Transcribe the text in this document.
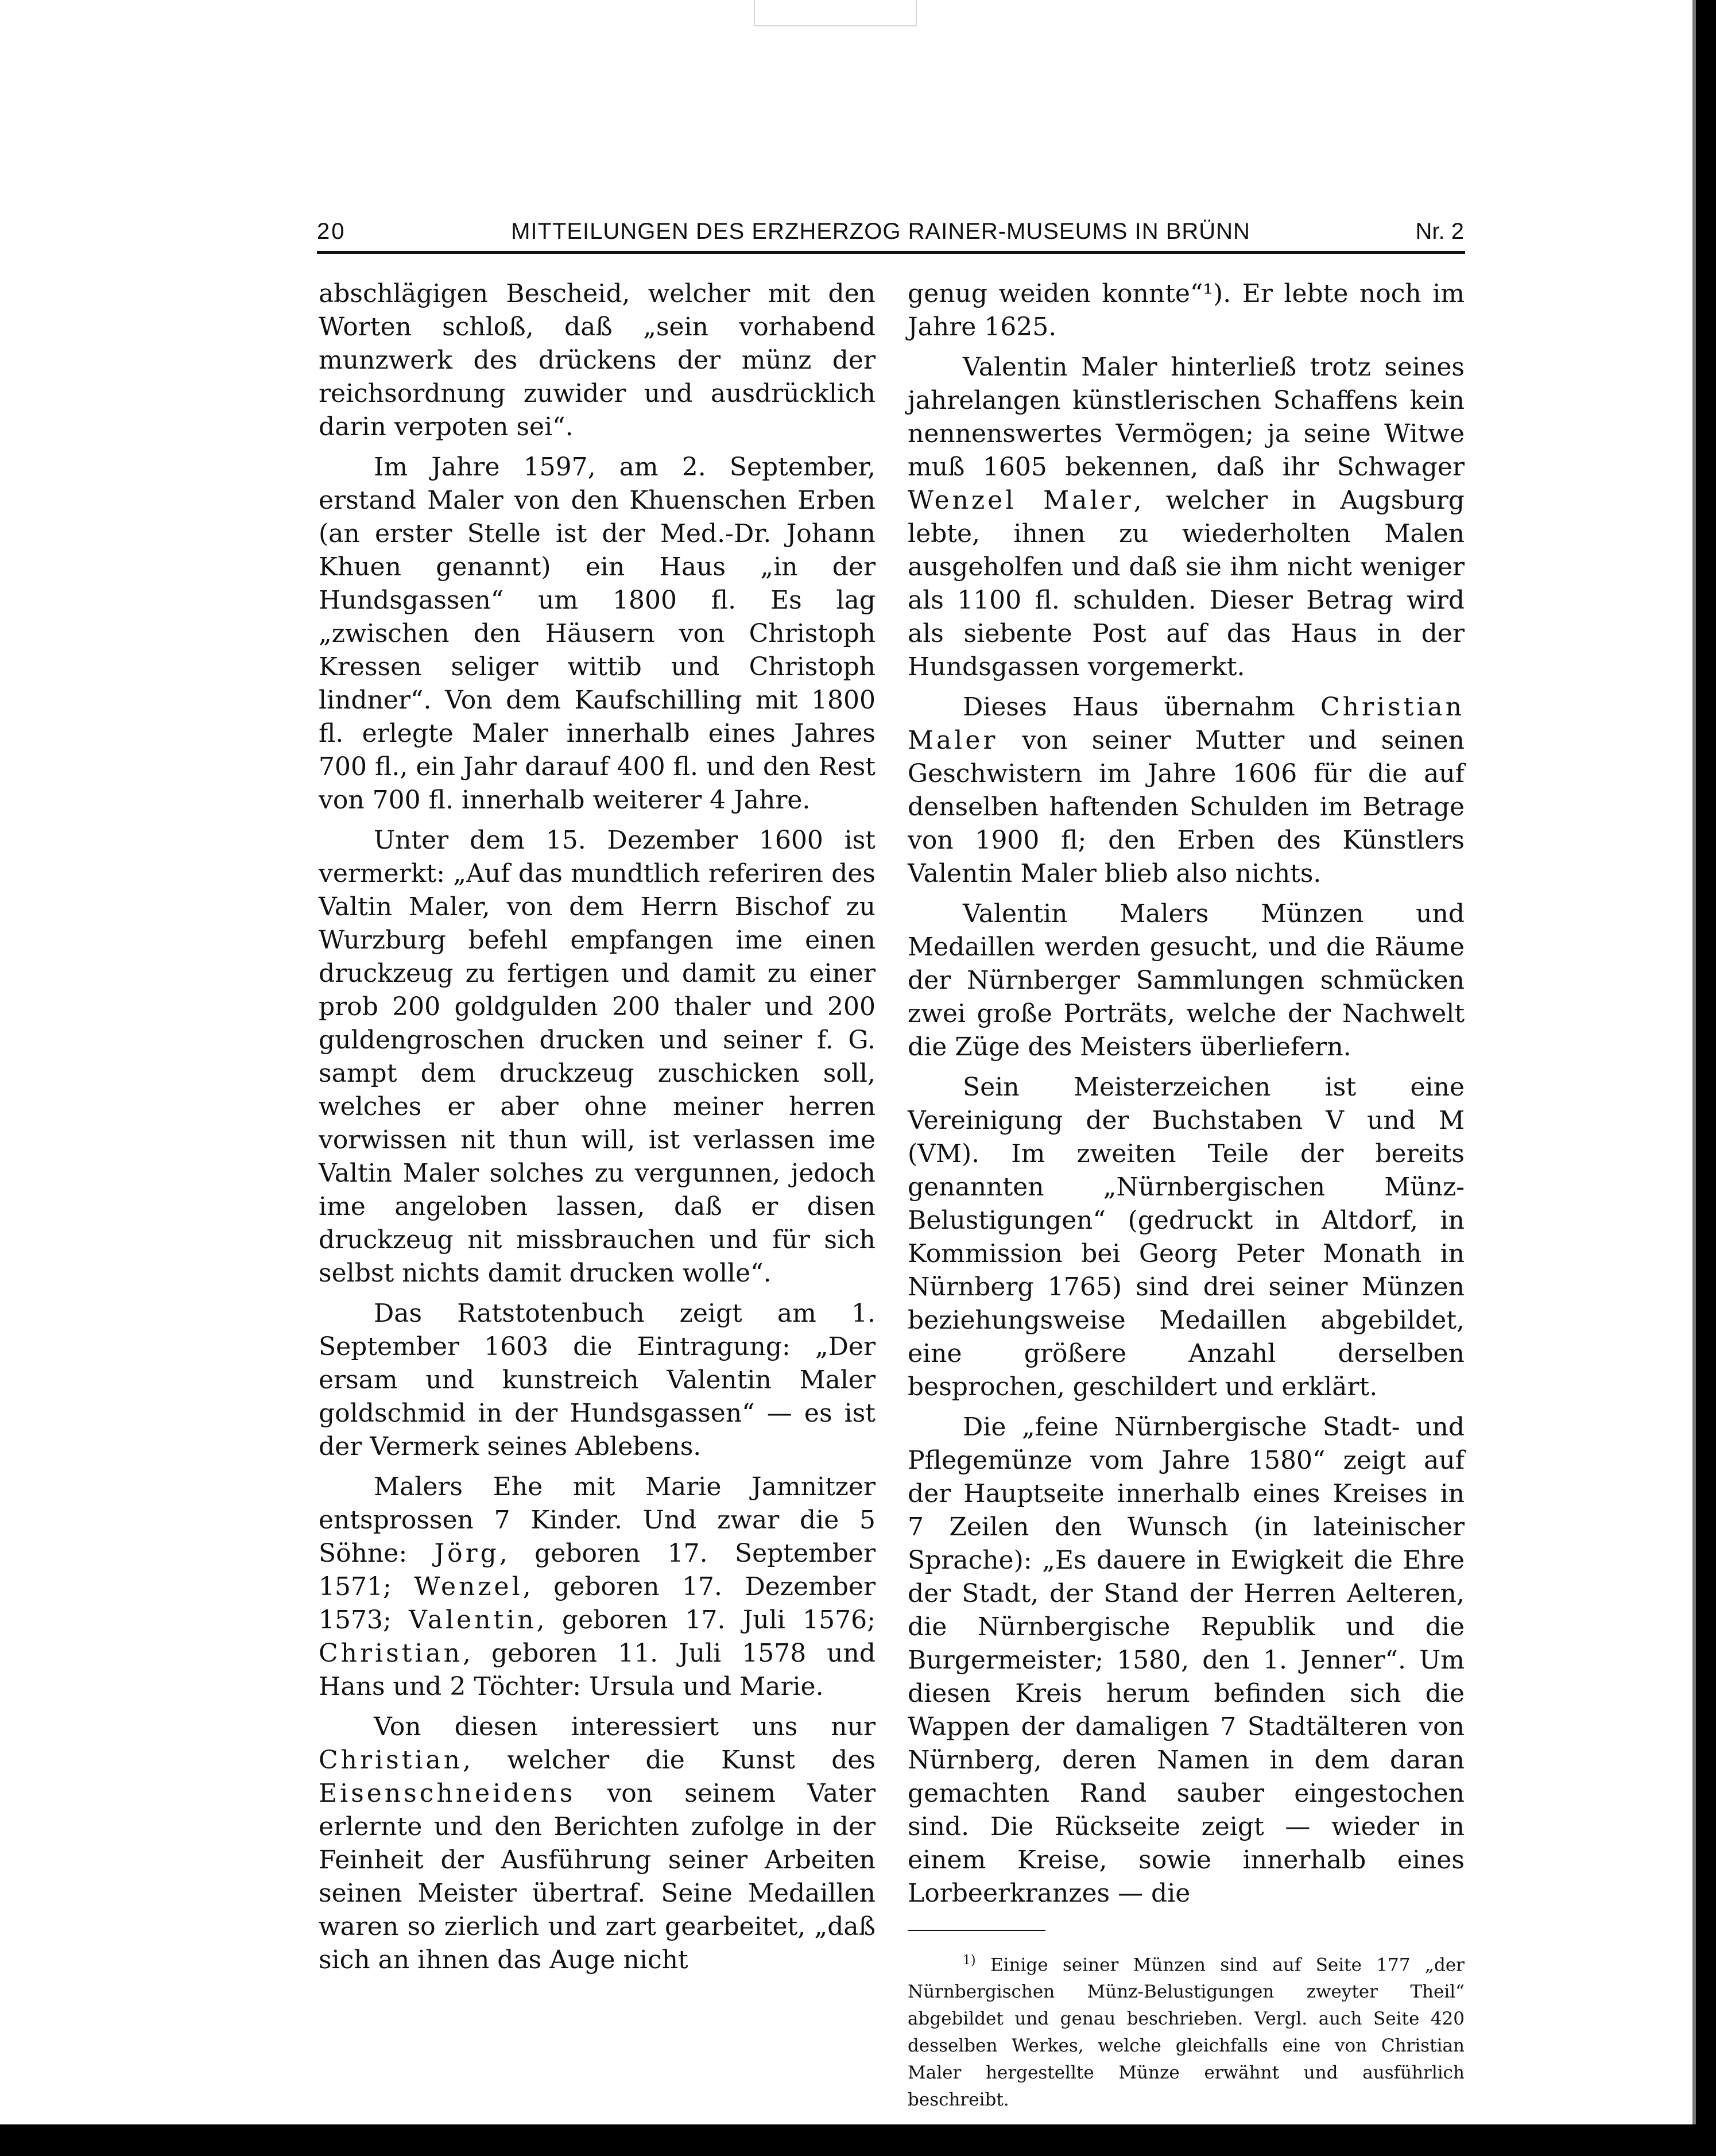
20	MITTEILUNGEN DES ERZHERZOG RAINER-MUSEUMS IN BRÜNN	Nr. 2

abschlägigen Bescheid, welcher mit den Worten schloß, daß „sein vorhabend munzwerk des drückens der münz der reichsordnung zuwider und ausdrücklich darin verpoten sei“.

Im Jahre 1597, am 2. September, erstand Maler von den Khuenschen Erben (an erster Stelle ist der Med.-Dr. Johann Khuen genannt) ein Haus „in der Hundsgassen“ um 1800 fl. Es lag „zwischen den Häusern von Christoph Kressen seliger wittib und Christoph lindner“. Von dem Kaufschilling mit 1800 fl. erlegte Maler innerhalb eines Jahres 700 fl., ein Jahr darauf 400 fl. und den Rest von 700 fl. innerhalb weiterer 4 Jahre.

Unter dem 15. Dezember 1600 ist vermerkt: „Auf das mundtlich referiren des Valtin Maler, von dem Herrn Bischof zu Wurzburg befehl empfangen ime einen druckzeug zu fertigen und damit zu einer prob 200 goldgulden 200 thaler und 200 guldengroschen drucken und seiner f. G. sampt dem druckzeug zuschicken soll, welches er aber ohne meiner herren vorwissen nit thun will, ist verlassen ime Valtin Maler solches zu vergunnen, jedoch ime angeloben lassen, daß er disen druckzeug nit missbrauchen und für sich selbst nichts damit drucken wolle“.

Das Ratstotenbuch zeigt am 1. September 1603 die Eintragung: „Der ersam und kunstreich Valentin Maler goldschmid in der Hundsgassen“ — es ist der Vermerk seines Ablebens.

Malers Ehe mit Marie Jamnitzer entsprossen 7 Kinder. Und zwar die 5 Söhne: Jörg, geboren 17. September 1571; Wenzel, geboren 17. Dezember 1573; Valentin, geboren 17. Juli 1576; Christian, geboren 11. Juli 1578 und Hans und 2 Töchter: Ursula und Marie.

Von diesen interessiert uns nur Christian, welcher die Kunst des Eisenschneidens von seinem Vater erlernte und den Berichten zufolge in der Feinheit der Ausführung seiner Arbeiten seinen Meister übertraf. Seine Medaillen waren so zierlich und zart gearbeitet, „daß sich an ihnen das Auge nicht

genug weiden konnte“¹). Er lebte noch im Jahre 1625.

Valentin Maler hinterließ trotz seines jahrelangen künstlerischen Schaffens kein nennenswertes Vermögen; ja seine Witwe muß 1605 bekennen, daß ihr Schwager Wenzel Maler, welcher in Augsburg lebte, ihnen zu wiederholten Malen ausgeholfen und daß sie ihm nicht weniger als 1100 fl. schulden. Dieser Betrag wird als siebente Post auf das Haus in der Hundsgassen vorgemerkt.

Dieses Haus übernahm Christian Maler von seiner Mutter und seinen Geschwistern im Jahre 1606 für die auf denselben haftenden Schulden im Betrage von 1900 fl; den Erben des Künstlers Valentin Maler blieb also nichts.

Valentin Malers Münzen und Medaillen werden gesucht, und die Räume der Nürnberger Sammlungen schmücken zwei große Porträts, welche der Nachwelt die Züge des Meisters überliefern.

Sein Meisterzeichen ist eine Vereinigung der Buchstaben V und M (VM). Im zweiten Teile der bereits genannten „Nürnbergischen Münz-Belustigungen“ (gedruckt in Altdorf, in Kommission bei Georg Peter Monath in Nürnberg 1765) sind drei seiner Münzen beziehungsweise Medaillen abgebildet, eine größere Anzahl derselben besprochen, geschildert und erklärt.

Die „feine Nürnbergische Stadt- und Pflegemünze vom Jahre 1580“ zeigt auf der Hauptseite innerhalb eines Kreises in 7 Zeilen den Wunsch (in lateinischer Sprache): „Es dauere in Ewigkeit die Ehre der Stadt, der Stand der Herren Aelteren, die Nürnbergische Republik und die Burgermeister; 1580, den 1. Jenner“. Um diesen Kreis herum befinden sich die Wappen der damaligen 7 Stadtälteren von Nürnberg, deren Namen in dem daran gemachten Rand sauber eingestochen sind. Die Rückseite zeigt — wieder in einem Kreise, sowie innerhalb eines Lorbeerkranzes — die

$^{1)}$ Einige seiner Münzen sind auf Seite 177 „der Nürnbergischen Münz-Belustigungen zweyter Theil“ abgebildet und genau beschrieben. Vergl. auch Seite 420 desselben Werkes, welche gleichfalls eine von Christian Maler hergestellte Münze erwähnt und ausführlich beschreibt.
